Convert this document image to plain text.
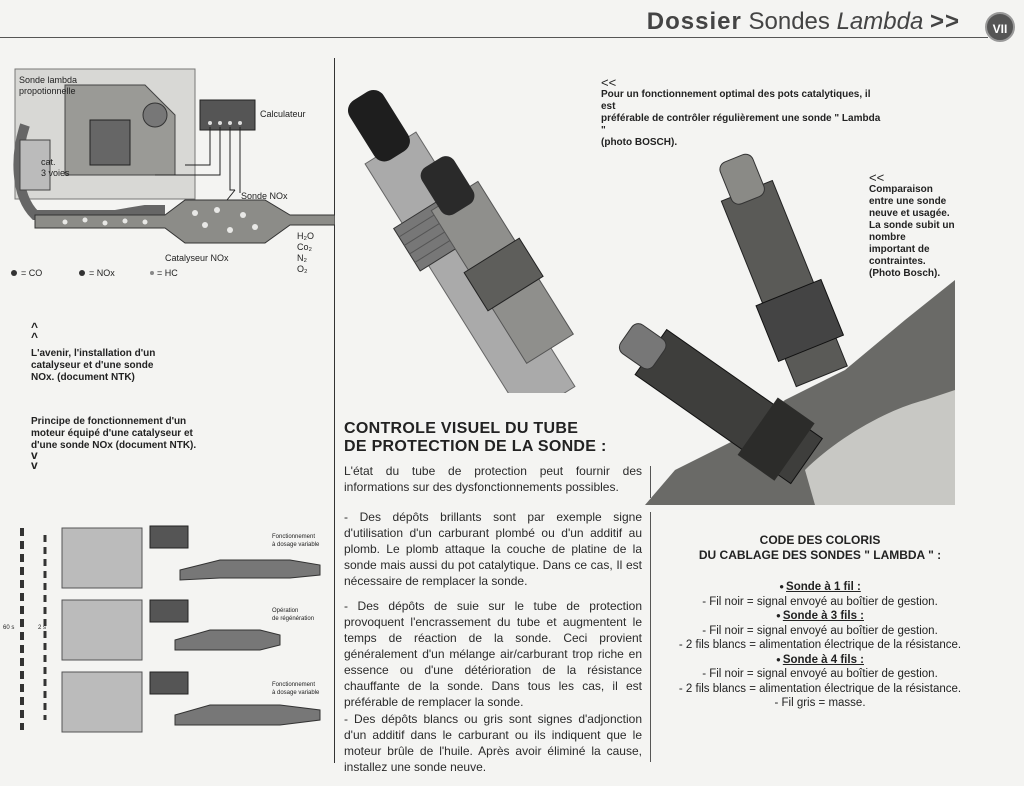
Dossier Sondes Lambda >>	VII
Sonde lambda
propotionnelle
Calculateur
cat.
3 voies
Sonde NOx
Catalyseur NOx
H₂O
Co₂
N₂
O₂
= CO	= NOx	= HC
^
^
L'avenir, l'installation d'un
catalyseur et d'une sonde
NOx. (document NTK)
Principe de fonctionnement d'un
moteur équipé d'une catalyseur et
d'une sonde NOx (document NTK).
v
v
60 s	2 s
Fonctionnement
à dosage variable
Opération
de régénération
Fonctionnement
à dosage variable
<<
Pour un fonctionnement optimal des pots catalytiques, il est
préférable de contrôler régulièrement une sonde " Lambda "
(photo BOSCH).
<<
Comparaison
entre une sonde
neuve et usagée.
La sonde subit un
nombre
important de
contraintes.
(Photo Bosch).
CONTROLE VISUEL DU TUBE
DE PROTECTION DE LA SONDE :
L'état du tube de protection peut fournir des informations sur des dysfonctionnements possibles.
- Des dépôts brillants sont par exemple signe d'utilisation d'un carburant plombé ou d'un additif au plomb. Le plomb attaque la couche de platine de la sonde mais aussi du pot catalytique. Dans ce cas, Il est nécessaire de remplacer la sonde.
- Des dépôts de suie sur le tube de protection provoquent l'encrassement du tube et augmentent le temps de réaction de la sonde. Ceci provient généralement d'un mélange air/carburant trop riche en essence ou d'une détérioration de la résistance chauffante de la sonde. Dans tous les cas, il est préférable de remplacer la sonde.
- Des dépôts blancs ou gris sont signes d'adjonction d'un additif dans le carburant ou ils indiquent que le moteur brûle de l'huile. Après avoir éliminé la cause, installez une sonde neuve.
CODE DES COLORIS
DU CABLAGE DES SONDES " LAMBDA " :
● Sonde à 1 fil :
- Fil noir = signal envoyé au boîtier de gestion.
● Sonde à 3 fils :
- Fil noir = signal envoyé au boîtier de gestion.
- 2 fils blancs = alimentation électrique de la résistance.
● Sonde à 4 fils :
- Fil noir = signal envoyé au boîtier de gestion.
- 2 fils blancs = alimentation électrique de la résistance.
- Fil gris = masse.
